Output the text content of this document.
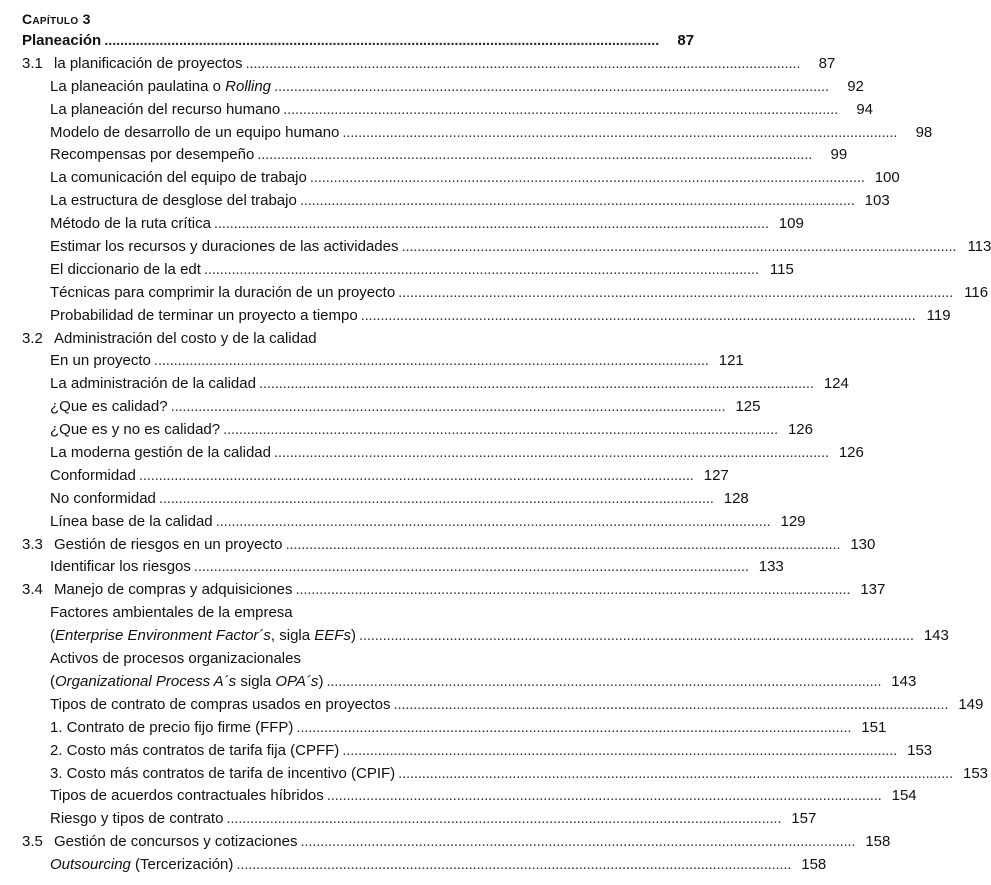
Capítulo 3
Planeación . . .	87
3.1 la planificación de proyectos . . .	87
La planeación paulatina o Rolling . . .	92
La planeación del recurso humano . . .	94
Modelo de desarrollo de un equipo humano . . .	98
Recompensas por desempeño . . .	99
La comunicación del equipo de trabajo . . .	100
La estructura de desglose del trabajo . . .	103
Método de la ruta crítica . . .	109
Estimar los recursos y duraciones de las actividades . . .	113
El diccionario de la edt . . .	115
Técnicas para comprimir la duración de un proyecto . . .	116
Probabilidad de terminar un proyecto a tiempo . . .	119
3.2 Administración del costo y de la calidad
En un proyecto . . .	121
La administración de la calidad . . .	124
¿Que es calidad? . . .	125
¿Que es y no es calidad? . . .	126
La moderna gestión de la calidad . . .	126
Conformidad . . .	127
No conformidad . . .	128
Línea base de la calidad . . .	129
3.3 Gestión de riesgos en un proyecto . . .	130
Identificar los riesgos . . .	133
3.4 Manejo de compras y adquisiciones . . .	137
Factores ambientales de la empresa
(Enterprise Environment Factor´s, sigla EEFs) . . .	143
Activos de procesos organizacionales
(Organizational Process A´s sigla OPA´s) . . .	143
Tipos de contrato de compras usados en proyectos . . .	149
1. Contrato de precio fijo firme (FFP) . . .	151
2. Costo más contratos de tarifa fija (CPFF) . . .	153
3. Costo más contratos de tarifa de incentivo (CPIF) . . .	153
Tipos de acuerdos contractuales híbridos . . .	154
Riesgo y tipos de contrato . . .	157
3.5 Gestión de concursos y cotizaciones . . .	158
Outsourcing (Tercerización) . . .	158
